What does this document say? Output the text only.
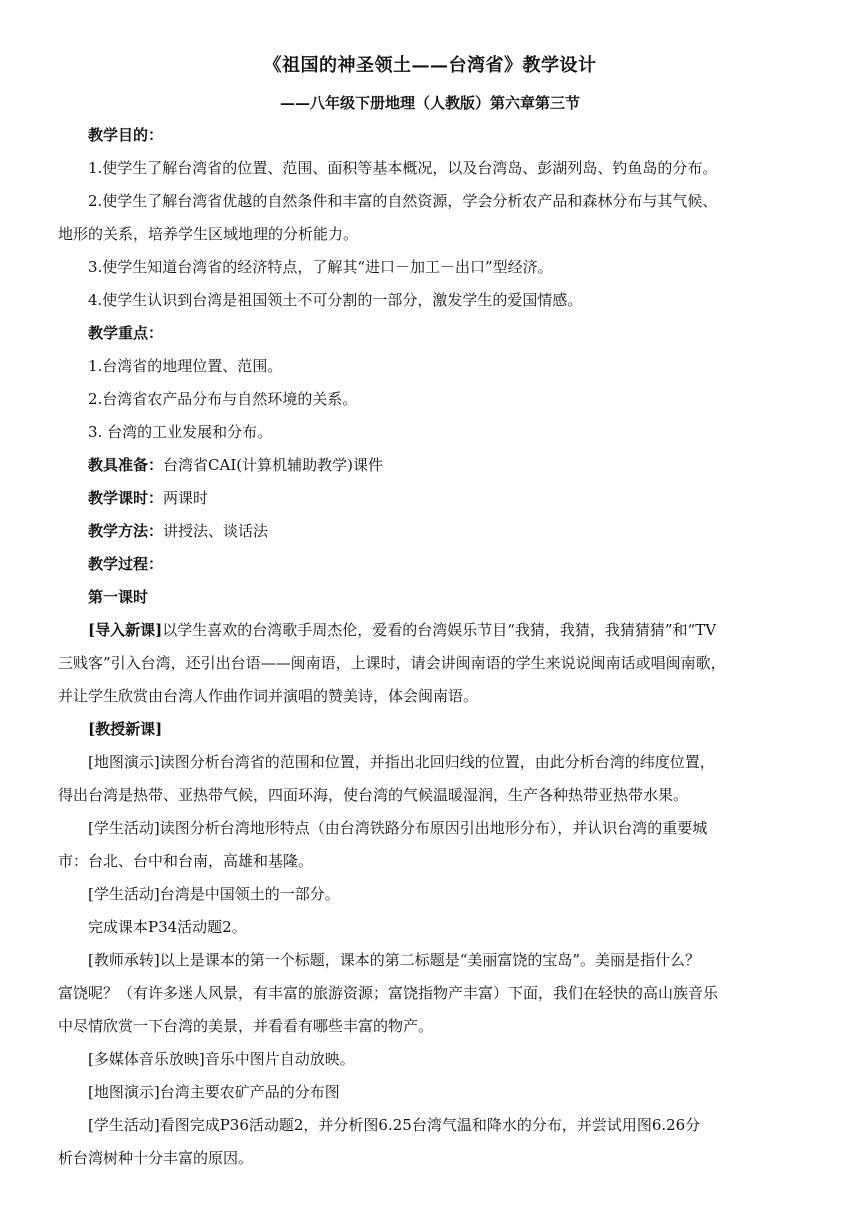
《祖国的神圣领土——台湾省》教学设计
——八年级下册地理（人教版）第六章第三节
教学目的：
1.使学生了解台湾省的位置、范围、面积等基本概况，以及台湾岛、彭湖列岛、钓鱼岛的分布。
2.使学生了解台湾省优越的自然条件和丰富的自然资源，学会分析农产品和森林分布与其气候、
地形的关系，培养学生区域地理的分析能力。
3.使学生知道台湾省的经济特点，了解其“进口－加工－出口”型经济。
4.使学生认识到台湾是祖国领土不可分割的一部分，激发学生的爱国情感。
教学重点：
1.台湾省的地理位置、范围。
2.台湾省农产品分布与自然环境的关系。
3. 台湾的工业发展和分布。
教具准备：台湾省CAI(计算机辅助教学)课件
教学课时：两课时
教学方法：讲授法、谈话法
教学过程：
第一课时
[导入新课]以学生喜欢的台湾歌手周杰伦，爱看的台湾娱乐节目“我猜，我猜，我猜猜猜”和“TV
三贱客”引入台湾，还引出台语——闽南语，上课时，请会讲闽南语的学生来说说闽南话或唱闽南歌，
并让学生欣赏由台湾人作曲作词并演唱的赞美诗，体会闽南语。
[教授新课]
[地图演示]读图分析台湾省的范围和位置，并指出北回归线的位置，由此分析台湾的纬度位置，
得出台湾是热带、亚热带气候，四面环海，使台湾的气候温暖湿润，生产各种热带亚热带水果。
[学生活动]读图分析台湾地形特点（由台湾铁路分布原因引出地形分布），并认识台湾的重要城
市：台北、台中和台南，高雄和基隆。
[学生活动]台湾是中国领土的一部分。
完成课本P34活动题2。
[教师承转]以上是课本的第一个标题，课本的第二标题是“美丽富饶的宝岛”。美丽是指什么？
富饶呢？（有许多迷人风景，有丰富的旅游资源；富饶指物产丰富）下面，我们在轻快的高山族音乐
中尽情欣赏一下台湾的美景，并看看有哪些丰富的物产。
[多媒体音乐放映]音乐中图片自动放映。
[地图演示]台湾主要农矿产品的分布图
[学生活动]看图完成P36活动题2，并分析图6.25台湾气温和降水的分布，并尝试用图6.26分
析台湾树种十分丰富的原因。
